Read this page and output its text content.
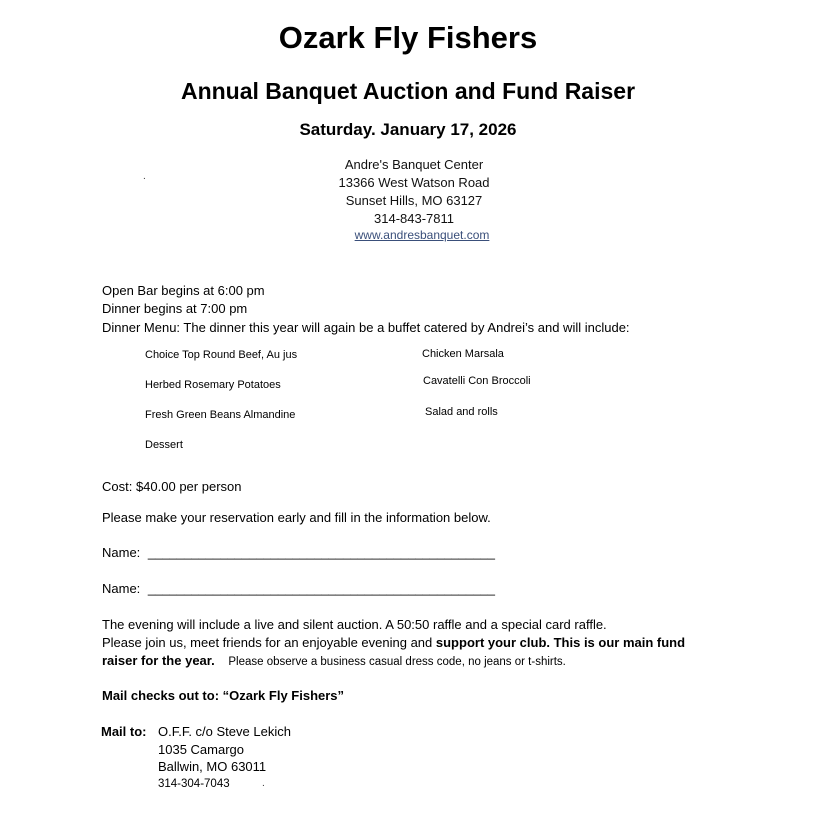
Ozark Fly Fishers
Annual Banquet Auction and Fund Raiser
Saturday. January 17, 2026
Andre's Banquet Center
13366 West Watson Road
Sunset Hills, MO 63127
314-843-7811
www.andresbanquet.com
.
Open Bar begins at 6:00 pm
Dinner begins at 7:00 pm
Dinner Menu: The dinner this year will again be a buffet catered by Andrei’s and will include:
Choice Top Round Beef, Au jus
Herbed Rosemary Potatoes
Fresh Green Beans Almandine
Dessert
Chicken Marsala
Cavatelli Con Broccoli
Salad and rolls
Cost: $40.00 per person
Please make your reservation early and fill in the information below.
Name: ________________________________________________
Name: ________________________________________________
The evening will include a live and silent auction. A 50:50 raffle and a special card raffle.
Please join us, meet friends for an enjoyable evening and support your club. This is our main fund
raiser for the year. Please observe a business casual dress code, no jeans or t-shirts.
Mail checks out to: “Ozark Fly Fishers”
Mail to: O.F.F. c/o Steve Lekich
1035 Camargo
Ballwin, MO 63011
314-304-7043	.
